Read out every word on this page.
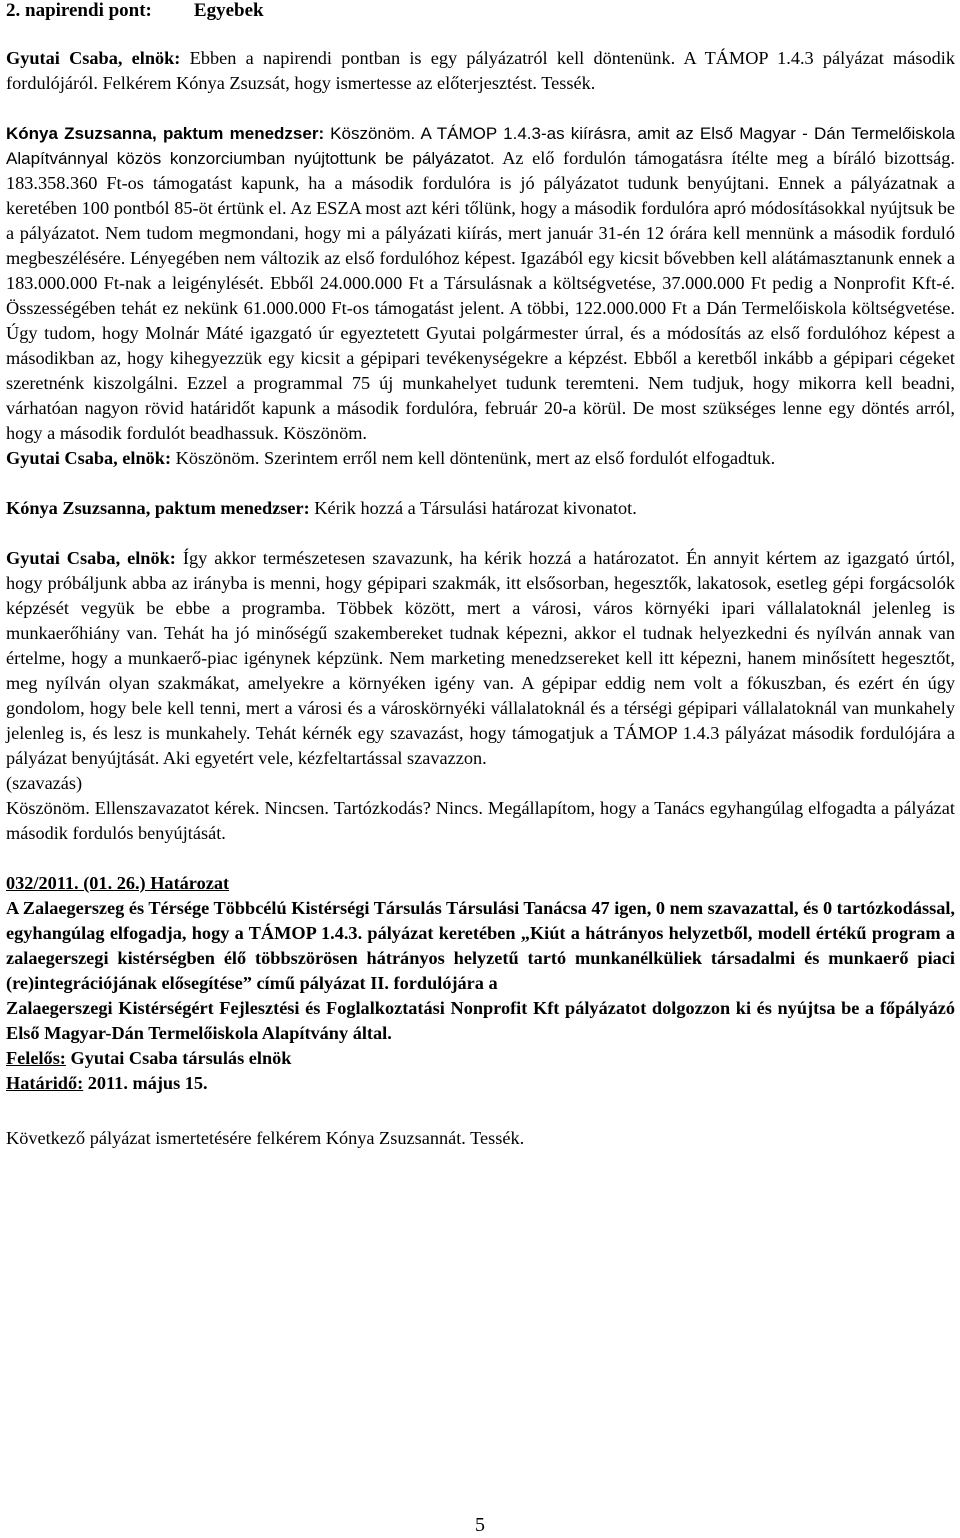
2. napirendi pont: Egyebek

Gyutai Csaba, elnök: Ebben a napirendi pontban is egy pályázatról kell döntenünk. A TÁMOP 1.4.3 pályázat második fordulójáról. Felkérem Kónya Zsuzsát, hogy ismertesse az előterjesztést. Tessék.

Kónya Zsuzsanna, paktum menedzser: Köszönöm. A TÁMOP 1.4.3-as kiírásra, amit az Első Magyar - Dán Termelőiskola Alapítvánnyal közös konzorciumban nyújtottunk be pályázatot. Az elő fordulón támogatásra ítélte meg a bíráló bizottság. 183.358.360 Ft-os támogatást kapunk, ha a második fordulóra is jó pályázatot tudunk benyújtani. Ennek a pályázatnak a keretében 100 pontból 85-öt értünk el. Az ESZA most azt kéri tőlünk, hogy a második fordulóra apró módosításokkal nyújtsuk be a pályázatot. Nem tudom megmondani, hogy mi a pályázati kiírás, mert január 31-én 12 órára kell mennünk a második forduló megbeszélésére. Lényegében nem változik az első fordulóhoz képest. Igazából egy kicsit bővebben kell alátámasztanunk ennek a 183.000.000 Ft-nak a leigénylését. Ebből 24.000.000 Ft a Társulásnak a költségvetése, 37.000.000 Ft pedig a Nonprofit Kft-é. Összességében tehát ez nekünk 61.000.000 Ft-os támogatást jelent. A többi, 122.000.000 Ft a Dán Termelőiskola költségvetése. Úgy tudom, hogy Molnár Máté igazgató úr egyeztetett Gyutai polgármester úrral, és a módosítás az első fordulóhoz képest a másodikban az, hogy kihegyezzük egy kicsit a gépipari tevékenységekre a képzést. Ebből a keretből inkább a gépipari cégeket szeretnénk kiszolgálni. Ezzel a programmal 75 új munkahelyet tudunk teremteni. Nem tudjuk, hogy mikorra kell beadni, várhatóan nagyon rövid határidőt kapunk a második fordulóra, február 20-a körül. De most szükséges lenne egy döntés arról, hogy a második fordulót beadhassuk. Köszönöm.

Gyutai Csaba, elnök: Köszönöm. Szerintem erről nem kell döntenünk, mert az első fordulót elfogadtuk.

Kónya Zsuzsanna, paktum menedzser: Kérik hozzá a Társulási határozat kivonatot.

Gyutai Csaba, elnök: Így akkor természetesen szavazunk, ha kérik hozzá a határozatot. Én annyit kértem az igazgató úrtól, hogy próbáljunk abba az irányba is menni, hogy gépipari szakmák, itt elsősorban, hegesztők, lakatosok, esetleg gépi forgácsolók képzését vegyük be ebbe a programba. Többek között, mert a városi, város környéki ipari vállalatoknál jelenleg is munkaerőhiány van. Tehát ha jó minőségű szakembereket tudnak képezni, akkor el tudnak helyezkedni és nyílván annak van értelme, hogy a munkaerő-piac igénynek képzünk. Nem marketing menedzsereket kell itt képezni, hanem minősített hegesztőt, meg nyílván olyan szakmákat, amelyekre a környéken igény van. A gépipar eddig nem volt a fókuszban, és ezért én úgy gondolom, hogy bele kell tenni, mert a városi és a városkörnyéki vállalatoknál és a térségi gépipari vállalatoknál van munkahely jelenleg is, és lesz is munkahely. Tehát kérnék egy szavazást, hogy támogatjuk a TÁMOP 1.4.3 pályázat második fordulójára a pályázat benyújtását. Aki egyetért vele, kézfeltartással szavazzon.

(szavazás)

Köszönöm. Ellenszavazatot kérek. Nincsen. Tartózkodás? Nincs. Megállapítom, hogy a Tanács egyhangúlag elfogadta a pályázat második fordulós benyújtását.

032/2011. (01. 26.) Határozat

A Zalaegerszeg és Térsége Többcélú Kistérségi Társulás Társulási Tanácsa 47 igen, 0 nem szavazattal, és 0 tartózkodással, egyhangúlag elfogadja, hogy a TÁMOP 1.4.3. pályázat keretében „Kiút a hátrányos helyzetből, modell értékű program a zalaegerszegi kistérségben élő többszörösen hátrányos helyzetű tartó munkanélküliek társadalmi és munkaerő piaci (re)integrációjának elősegítése” című pályázat II. fordulójára a

Zalaegerszegi Kistérségért Fejlesztési és Foglalkoztatási Nonprofit Kft pályázatot dolgozzon ki és nyújtsa be a főpályázó Első Magyar-Dán Termelőiskola Alapítvány által.

Felelős: Gyutai Csaba társulás elnök

Határidő: 2011. május 15.

Következő pályázat ismertetésére felkérem Kónya Zsuzsannát. Tessék.

5
